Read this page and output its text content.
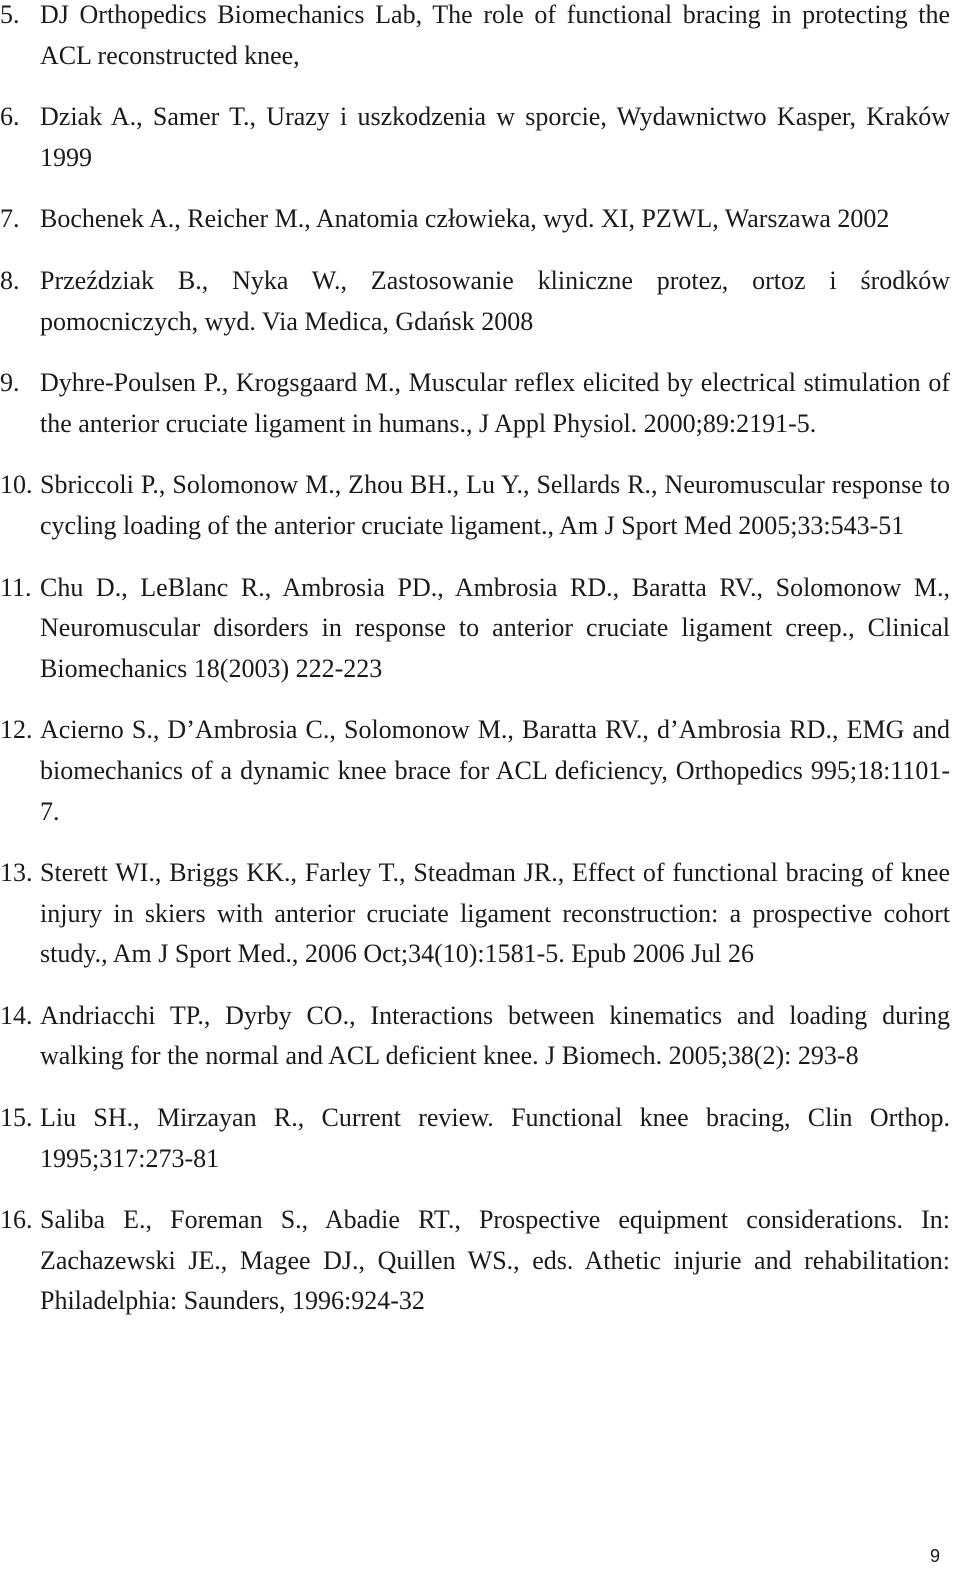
5. DJ Orthopedics Biomechanics Lab, The role of functional bracing in protecting the ACL reconstructed knee,
6. Dziak A., Samer T., Urazy i uszkodzenia w sporcie, Wydawnictwo Kasper, Kraków 1999
7. Bochenek A., Reicher M., Anatomia człowieka, wyd. XI, PZWL, Warszawa 2002
8. Przeździak B., Nyka W., Zastosowanie kliniczne protez, ortoz i środków pomocniczych, wyd. Via Medica, Gdańsk 2008
9. Dyhre-Poulsen P., Krogsgaard M., Muscular reflex elicited by electrical stimulation of the anterior cruciate ligament in humans., J Appl Physiol. 2000;89:2191-5.
10. Sbriccoli P., Solomonow M., Zhou BH., Lu Y., Sellards R., Neuromuscular response to cycling loading of the anterior cruciate ligament., Am J Sport Med 2005;33:543-51
11. Chu D., LeBlanc R., Ambrosia PD., Ambrosia RD., Baratta RV., Solomonow M., Neuromuscular disorders in response to anterior cruciate ligament creep., Clinical Biomechanics 18(2003) 222-223
12. Acierno S., D’Ambrosia C., Solomonow M., Baratta RV., d’Ambrosia RD., EMG and biomechanics of a dynamic knee brace for ACL deficiency, Orthopedics 995;18:1101-7.
13. Sterett WI., Briggs KK., Farley T., Steadman JR., Effect of functional bracing of knee injury in skiers with anterior cruciate ligament reconstruction: a prospective cohort study., Am J Sport Med., 2006 Oct;34(10):1581-5. Epub 2006 Jul 26
14. Andriacchi TP., Dyrby CO., Interactions between kinematics and loading during walking for the normal and ACL deficient knee. J Biomech. 2005;38(2): 293-8
15. Liu SH., Mirzayan R., Current review. Functional knee bracing, Clin Orthop. 1995;317:273-81
16. Saliba E., Foreman S., Abadie RT., Prospective equipment considerations. In: Zachazewski JE., Magee DJ., Quillen WS., eds. Athetic injurie and rehabilitation: Philadelphia: Saunders, 1996:924-32
9
